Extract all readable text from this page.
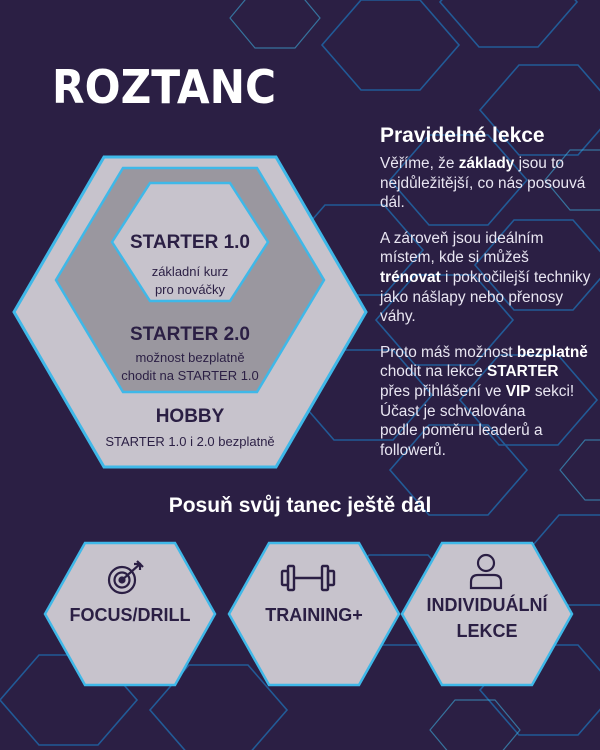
ROZTANC
Pravidelné lekce

Věříme, že základy jsou to nejdůležitější, co nás posouvá dál.

A zároveň jsou ideálním místem, kde si můžeš trénovat i pokročilejší techniky jako nášlapy nebo přenosy váhy.

Proto máš možnost bezplatně chodit na lekce STARTER přes přihlášení ve VIP sekci! Účast je schvalována
podle poměru leaderů a followerů.

STARTER 1.0
základní kurz
pro nováčky
STARTER 2.0
možnost bezplatně
chodit na STARTER 1.0
HOBBY
STARTER 1.0 i 2.0 bezplatně
Posuň svůj tanec ještě dál
FOCUS/DRILL	TRAINING+	INDIVIDUÁLNÍ
LEKCE
